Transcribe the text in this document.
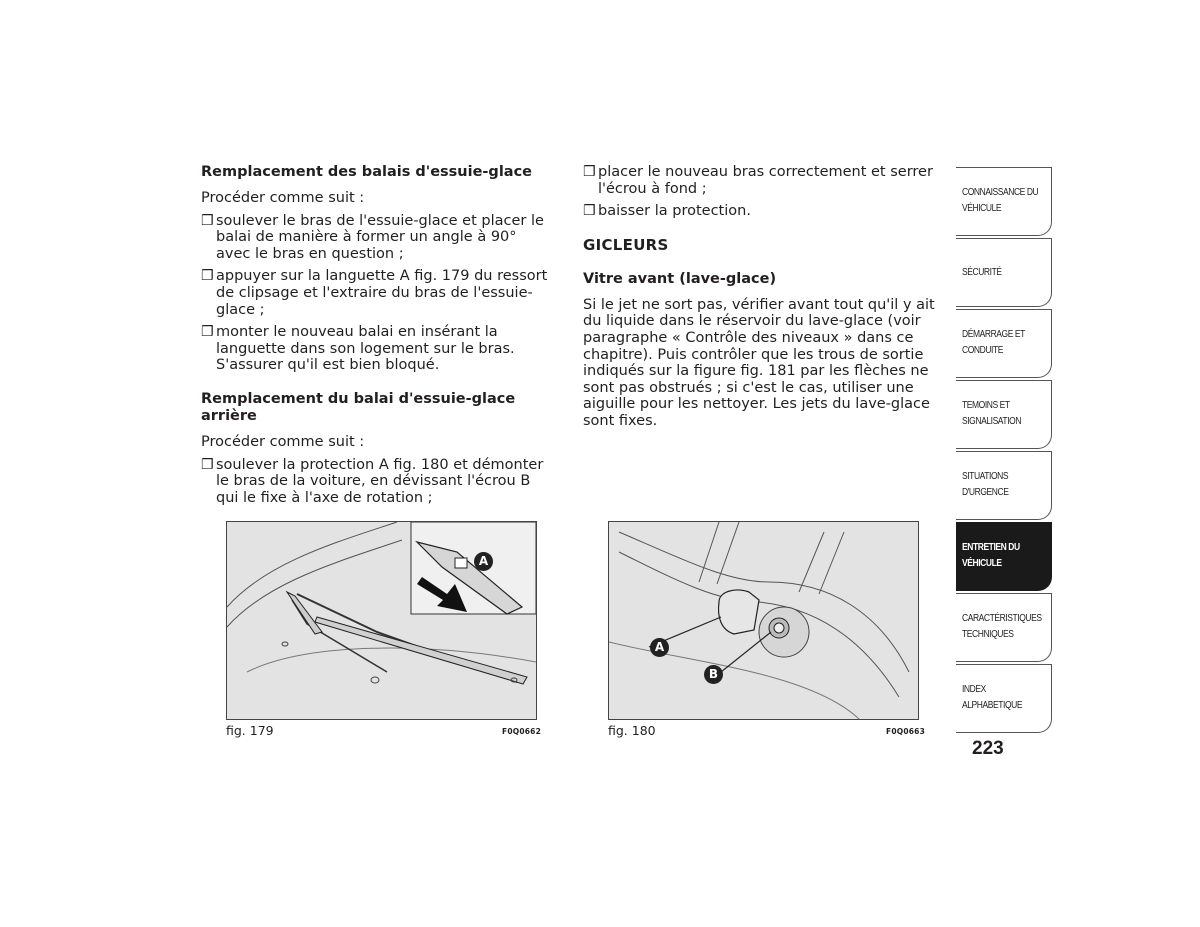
Remplacement des balais d'essuie-glace

Procéder comme suit :

❒ soulever le bras de l'essuie-glace et placer le balai de manière à former un angle à 90° avec le bras en question ;
❒ appuyer sur la languette A fig. 179 du ressort de clipsage et l'extraire du bras de l'essuie-glace ;
❒ monter le nouveau balai en insérant la languette dans son logement sur le bras. S'assurer qu'il est bien bloqué.
Remplacement du balai d'essuie-glace arrière

Procéder comme suit :

❒ soulever la protection A fig. 180 et démonter le bras de la voiture, en dévissant l'écrou B qui le fixe à l'axe de rotation ;
❒ placer le nouveau bras correctement et serrer l'écrou à fond ;
❒ baisser la protection.
GICLEURS
Vitre avant (lave-glace)

Si le jet ne sort pas, vérifier avant tout qu'il y ait du liquide dans le réservoir du lave-glace (voir paragraphe « Contrôle des niveaux » dans ce chapitre). Puis contrôler que les trous de sortie indiqués sur la figure fig. 181 par les flèches ne sont pas obstrués ; si c'est le cas, utiliser une aiguille pour les nettoyer. Les jets du lave-glace sont fixes.

A
fig. 179	F0Q0662
A
B
fig. 180	F0Q0663
CONNAISSANCE DU
VÉHICULE
SÉCURITÉ
DÉMARRAGE ET
CONDUITE
TEMOINS ET
SIGNALISATION
SITUATIONS
D'URGENCE
ENTRETIEN DU
VÉHICULE
CARACTÉRISTIQUES
TECHNIQUES
INDEX
ALPHABETIQUE
223
